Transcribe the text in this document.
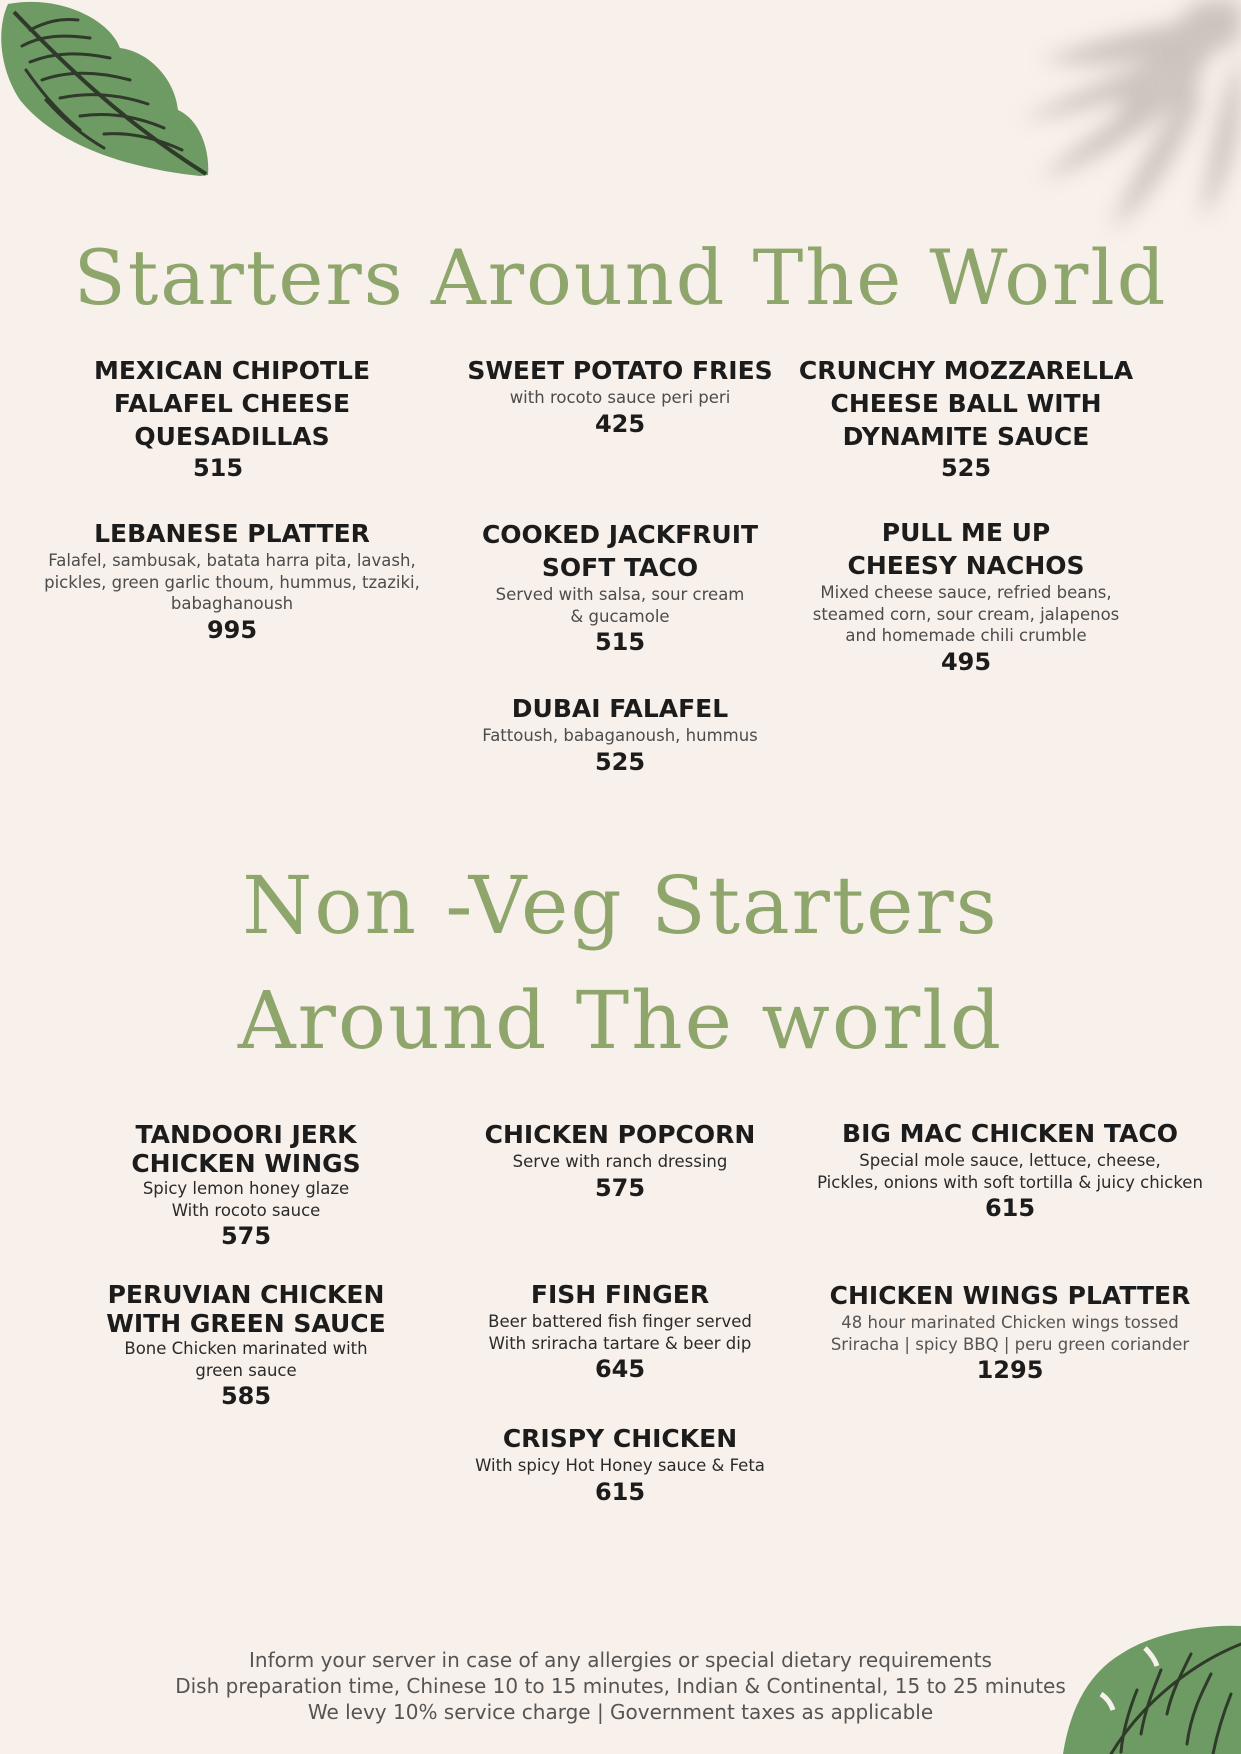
Starters Around The World
MEXICAN CHIPOTLE
FALAFEL CHEESE QUESADILLAS
515
SWEET POTATO FRIES
with rocoto sauce peri peri
425
CRUNCHY MOZZARELLA
CHEESE BALL WITH
DYNAMITE SAUCE
525
LEBANESE PLATTER
Falafel, sambusak, batata harra pita, lavash,
pickles, green garlic thoum, hummus, tzaziki,
babaghanoush
995
COOKED JACKFRUIT
SOFT TACO
Served with salsa, sour cream
& gucamole
515
PULL ME UP
CHEESY NACHOS
Mixed cheese sauce, refried beans,
steamed corn, sour cream, jalapenos
and homemade chili crumble
495
DUBAI FALAFEL
Fattoush, babaganoush, hummus
525
Non -Veg Starters
Around The world
TANDOORI JERK
CHICKEN WINGS
Spicy lemon honey glaze
With rocoto sauce
575
CHICKEN POPCORN
Serve with ranch dressing
575
BIG MAC CHICKEN TACO
Special mole sauce, lettuce, cheese,
Pickles, onions with soft tortilla & juicy chicken
615
PERUVIAN CHICKEN
WITH GREEN SAUCE
Bone Chicken marinated with
green sauce
585
FISH FINGER
Beer battered fish finger served
With sriracha tartare & beer dip
645
CHICKEN WINGS PLATTER
48 hour marinated Chicken wings tossed
Sriracha | spicy BBQ | peru green coriander
1295
CRISPY CHICKEN
With spicy Hot Honey sauce & Feta
615
Inform your server in case of any allergies or special dietary requirements
Dish preparation time, Chinese 10 to 15 minutes, Indian & Continental, 15 to 25 minutes
We levy 10% service charge | Government taxes as applicable
